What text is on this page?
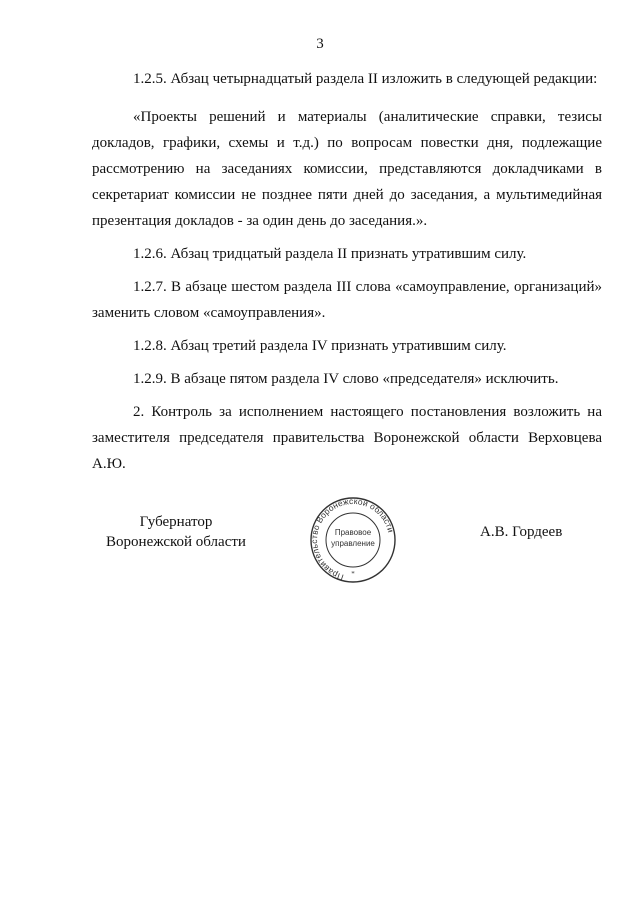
3

1.2.5. Абзац четырнадцатый раздела II изложить в следующей редакции:

«Проекты решений и материалы (аналитические справки, тезисы докладов, графики, схемы и т.д.) по вопросам повестки дня, подлежащие рассмотрению на заседаниях комиссии, представляются докладчиками в секретариат комиссии не позднее пяти дней до заседания, а мультимедийная презентация докладов - за один день до заседания.».

1.2.6. Абзац тридцатый раздела II признать утратившим силу.

1.2.7. В абзаце шестом раздела III слова «самоуправление, организаций» заменить словом «самоуправления».

1.2.8. Абзац третий раздела IV признать утратившим силу.

1.2.9. В абзаце пятом раздела IV слово «председателя» исключить.

2. Контроль за исполнением настоящего постановления возложить на заместителя председателя правительства Воронежской области Верховцева А.Ю.

Губернатор
Воронежской области
Правительство Воронежской области
Правовое
управление
*
А.В. Гордеев
